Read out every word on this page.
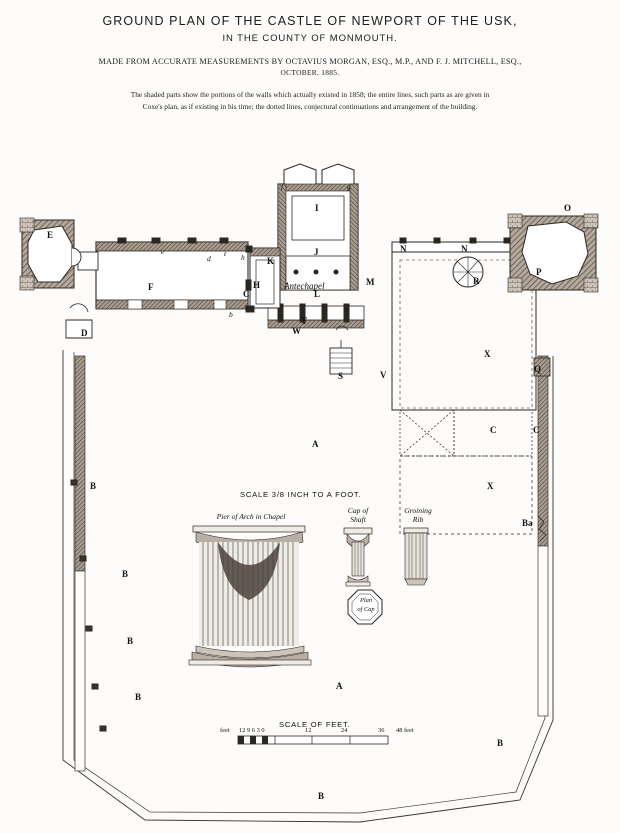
GROUND PLAN OF THE CASTLE OF NEWPORT OF THE USK,
IN THE COUNTY OF MONMOUTH.
MADE FROM ACCURATE MEASUREMENTS BY OCTAVIUS MORGAN, ESQ., M.P., AND F. J. MITCHELL, ESQ.,
OCTOBER, 1885.
The shaded parts show the portions of the walls which actually existed in 1858; the entire lines, such parts as are given in
Coxe's plan, as if existing in his time; the dotted lines, conjectural continuations and arrangement of the building.
Antechapel
SCALE 3/8 INCH TO A FOOT.
SCALE OF FEET.
Pier of Arch in Chapel
Cap of
Shaft
Groining
Rib
Plan
of Cap
feet 12 9 6 3 0	12	24	36 48 feet
A
A
B
B
B
B
B
B
Ba
C
C	C
D
E
F
I
J
K
L
M
N	N
O
P
Q
R
S
T
V
W
X
X
H
f	g
e
d
t h
b
c
